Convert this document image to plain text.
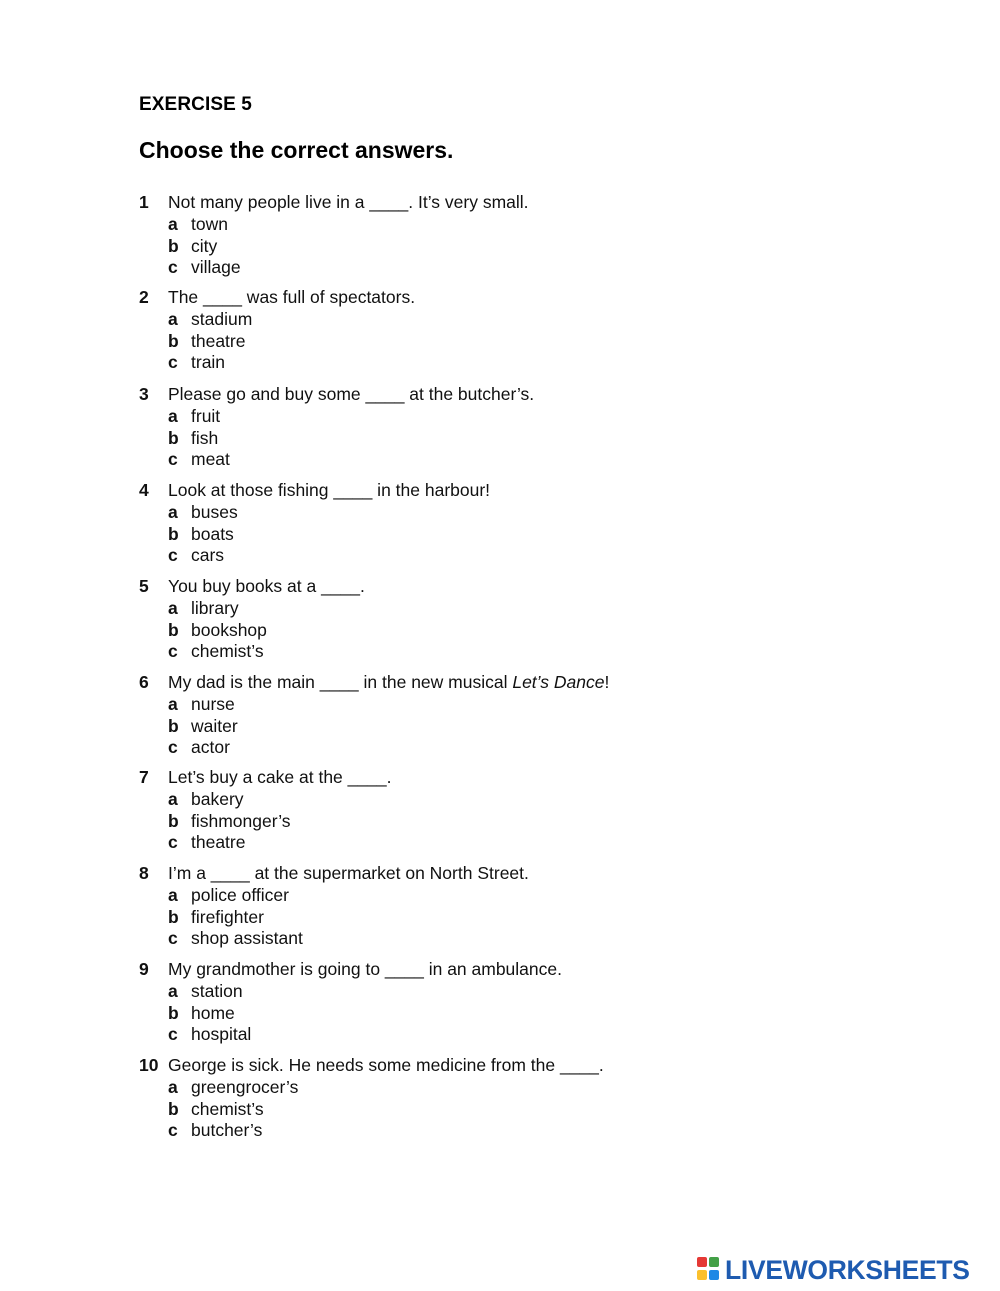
EXERCISE 5
Choose the correct answers.
1 Not many people live in a ____. It’s very small.
a town
b city
c village
2 The ____ was full of spectators.
a stadium
b theatre
c train
3 Please go and buy some ____ at the butcher’s.
a fruit
b fish
c meat
4 Look at those fishing ____ in the harbour!
a buses
b boats
c cars
5 You buy books at a ____.
a library
b bookshop
c chemist’s
6 My dad is the main ____ in the new musical Let’s Dance!
a nurse
b waiter
c actor
7 Let’s buy a cake at the ____.
a bakery
b fishmonger’s
c theatre
8 I’m a ____ at the supermarket on North Street.
a police officer
b firefighter
c shop assistant
9 My grandmother is going to ____ in an ambulance.
a station
b home
c hospital
10 George is sick. He needs some medicine from the ____.
a greengrocer’s
b chemist’s
c butcher’s
LIVEWORKSHEETS
